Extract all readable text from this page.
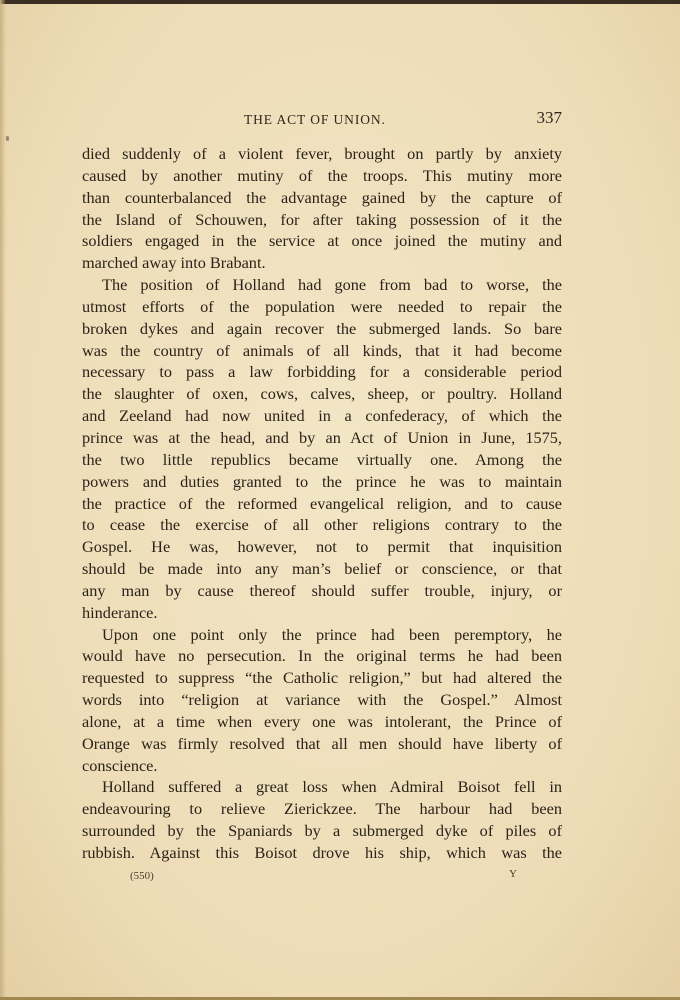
THE ACT OF UNION.	337
died suddenly of a violent fever, brought on partly by anxiety
caused by another mutiny of the troops. This mutiny more
than counterbalanced the advantage gained by the capture of
the Island of Schouwen, for after taking possession of it the
soldiers engaged in the service at once joined the mutiny and
marched away into Brabant.
The position of Holland had gone from bad to worse, the
utmost efforts of the population were needed to repair the
broken dykes and again recover the submerged lands. So bare
was the country of animals of all kinds, that it had become
necessary to pass a law forbidding for a considerable period
the slaughter of oxen, cows, calves, sheep, or poultry. Holland
and Zeeland had now united in a confederacy, of which the
prince was at the head, and by an Act of Union in June, 1575,
the two little republics became virtually one. Among the
powers and duties granted to the prince he was to maintain
the practice of the reformed evangelical religion, and to cause
to cease the exercise of all other religions contrary to the
Gospel. He was, however, not to permit that inquisition
should be made into any man’s belief or conscience, or that
any man by cause thereof should suffer trouble, injury, or
hinderance.
Upon one point only the prince had been peremptory, he
would have no persecution. In the original terms he had been
requested to suppress “the Catholic religion,” but had altered the
words into “religion at variance with the Gospel.” Almost
alone, at a time when every one was intolerant, the Prince of
Orange was firmly resolved that all men should have liberty of
conscience.
Holland suffered a great loss when Admiral Boisot fell in
endeavouring to relieve Zierickzee. The harbour had been
surrounded by the Spaniards by a submerged dyke of piles of
rubbish. Against this Boisot drove his ship, which was the
(550)	Y
